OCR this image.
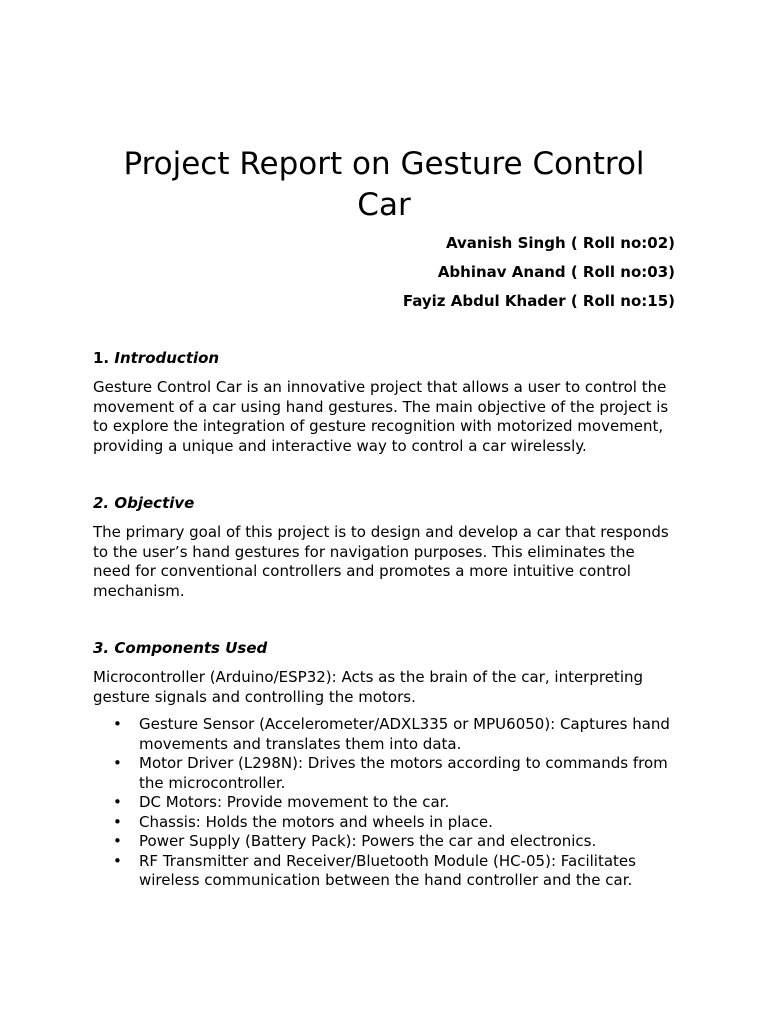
Project Report on Gesture Control Car
Avanish Singh ( Roll no:02)
Abhinav Anand ( Roll no:03)
Fayiz Abdul Khader ( Roll no:15)
1. Introduction

Gesture Control Car is an innovative project that allows a user to control the movement of a car using hand gestures. The main objective of the project is to explore the integration of gesture recognition with motorized movement, providing a unique and interactive way to control a car wirelessly.

2. Objective

The primary goal of this project is to design and develop a car that responds to the user’s hand gestures for navigation purposes. This eliminates the need for conventional controllers and promotes a more intuitive control mechanism.

3. Components Used

Microcontroller (Arduino/ESP32): Acts as the brain of the car, interpreting gesture signals and controlling the motors.

• Gesture Sensor (Accelerometer/ADXL335 or MPU6050): Captures hand movements and translates them into data.
• Motor Driver (L298N): Drives the motors according to commands from the microcontroller.
• DC Motors: Provide movement to the car.
• Chassis: Holds the motors and wheels in place.
• Power Supply (Battery Pack): Powers the car and electronics.
• RF Transmitter and Receiver/Bluetooth Module (HC-05): Facilitates wireless communication between the hand controller and the car.
